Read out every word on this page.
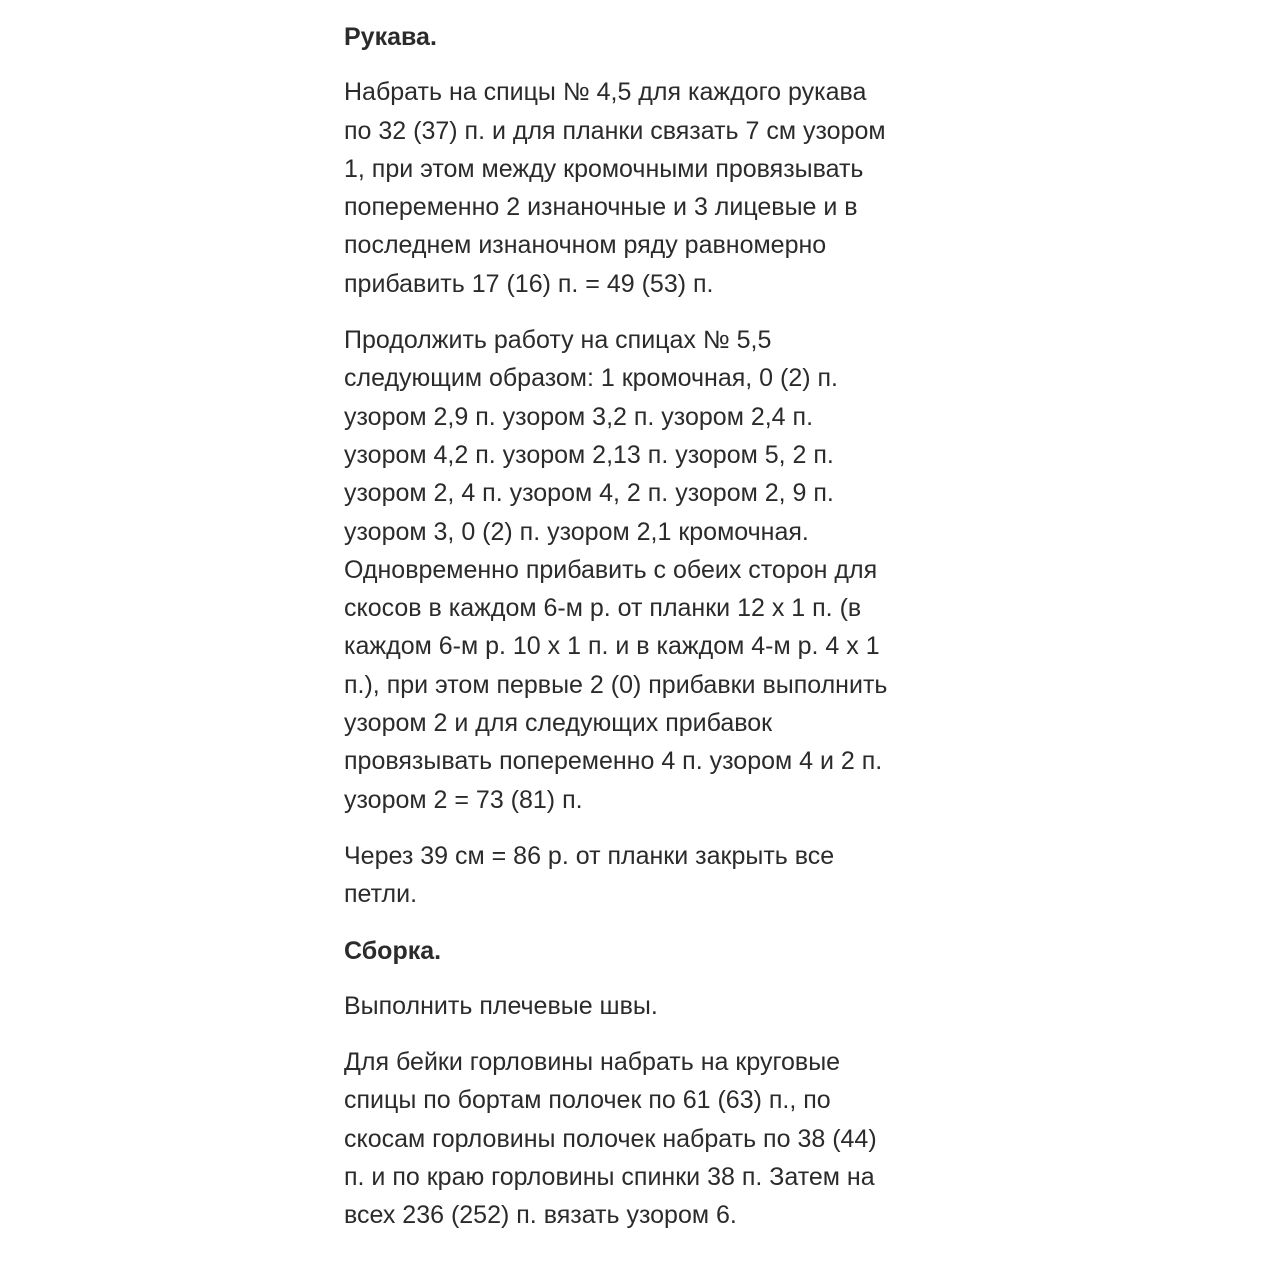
Рукава.
Набрать на спицы № 4,5 для каждого рукава
по 32 (37) п. и для планки связать 7 см узором
1, при этом между кромочными провязывать
попеременно 2 изнаночные и 3 лицевые и в
последнем изнаночном ряду равномерно
прибавить 17 (16) п. = 49 (53) п.
Продолжить работу на спицах № 5,5
следующим образом: 1 кромочная, 0 (2) п.
узором 2,9 п. узором 3,2 п. узором 2,4 п.
узором 4,2 п. узором 2,13 п. узором 5, 2 п.
узором 2, 4 п. узором 4, 2 п. узором 2, 9 п.
узором 3, 0 (2) п. узором 2,1 кромочная.
Одновременно прибавить с обеих сторон для
скосов в каждом 6-м р. от планки 12 х 1 п. (в
каждом 6-м р. 10 х 1 п. и в каждом 4-м р. 4 х 1
п.), при этом первые 2 (0) прибавки выполнить
узором 2 и для следующих прибавок
провязывать попеременно 4 п. узором 4 и 2 п.
узором 2 = 73 (81) п.
Через 39 см = 86 р. от планки закрыть все
петли.
Сборка.
Выполнить плечевые швы.
Для бейки горловины набрать на круговые
спицы по бортам полочек по 61 (63) п., по
скосам горловины полочек набрать по 38 (44)
п. и по краю горловины спинки 38 п. Затем на
всех 236 (252) п. вязать узором 6.
